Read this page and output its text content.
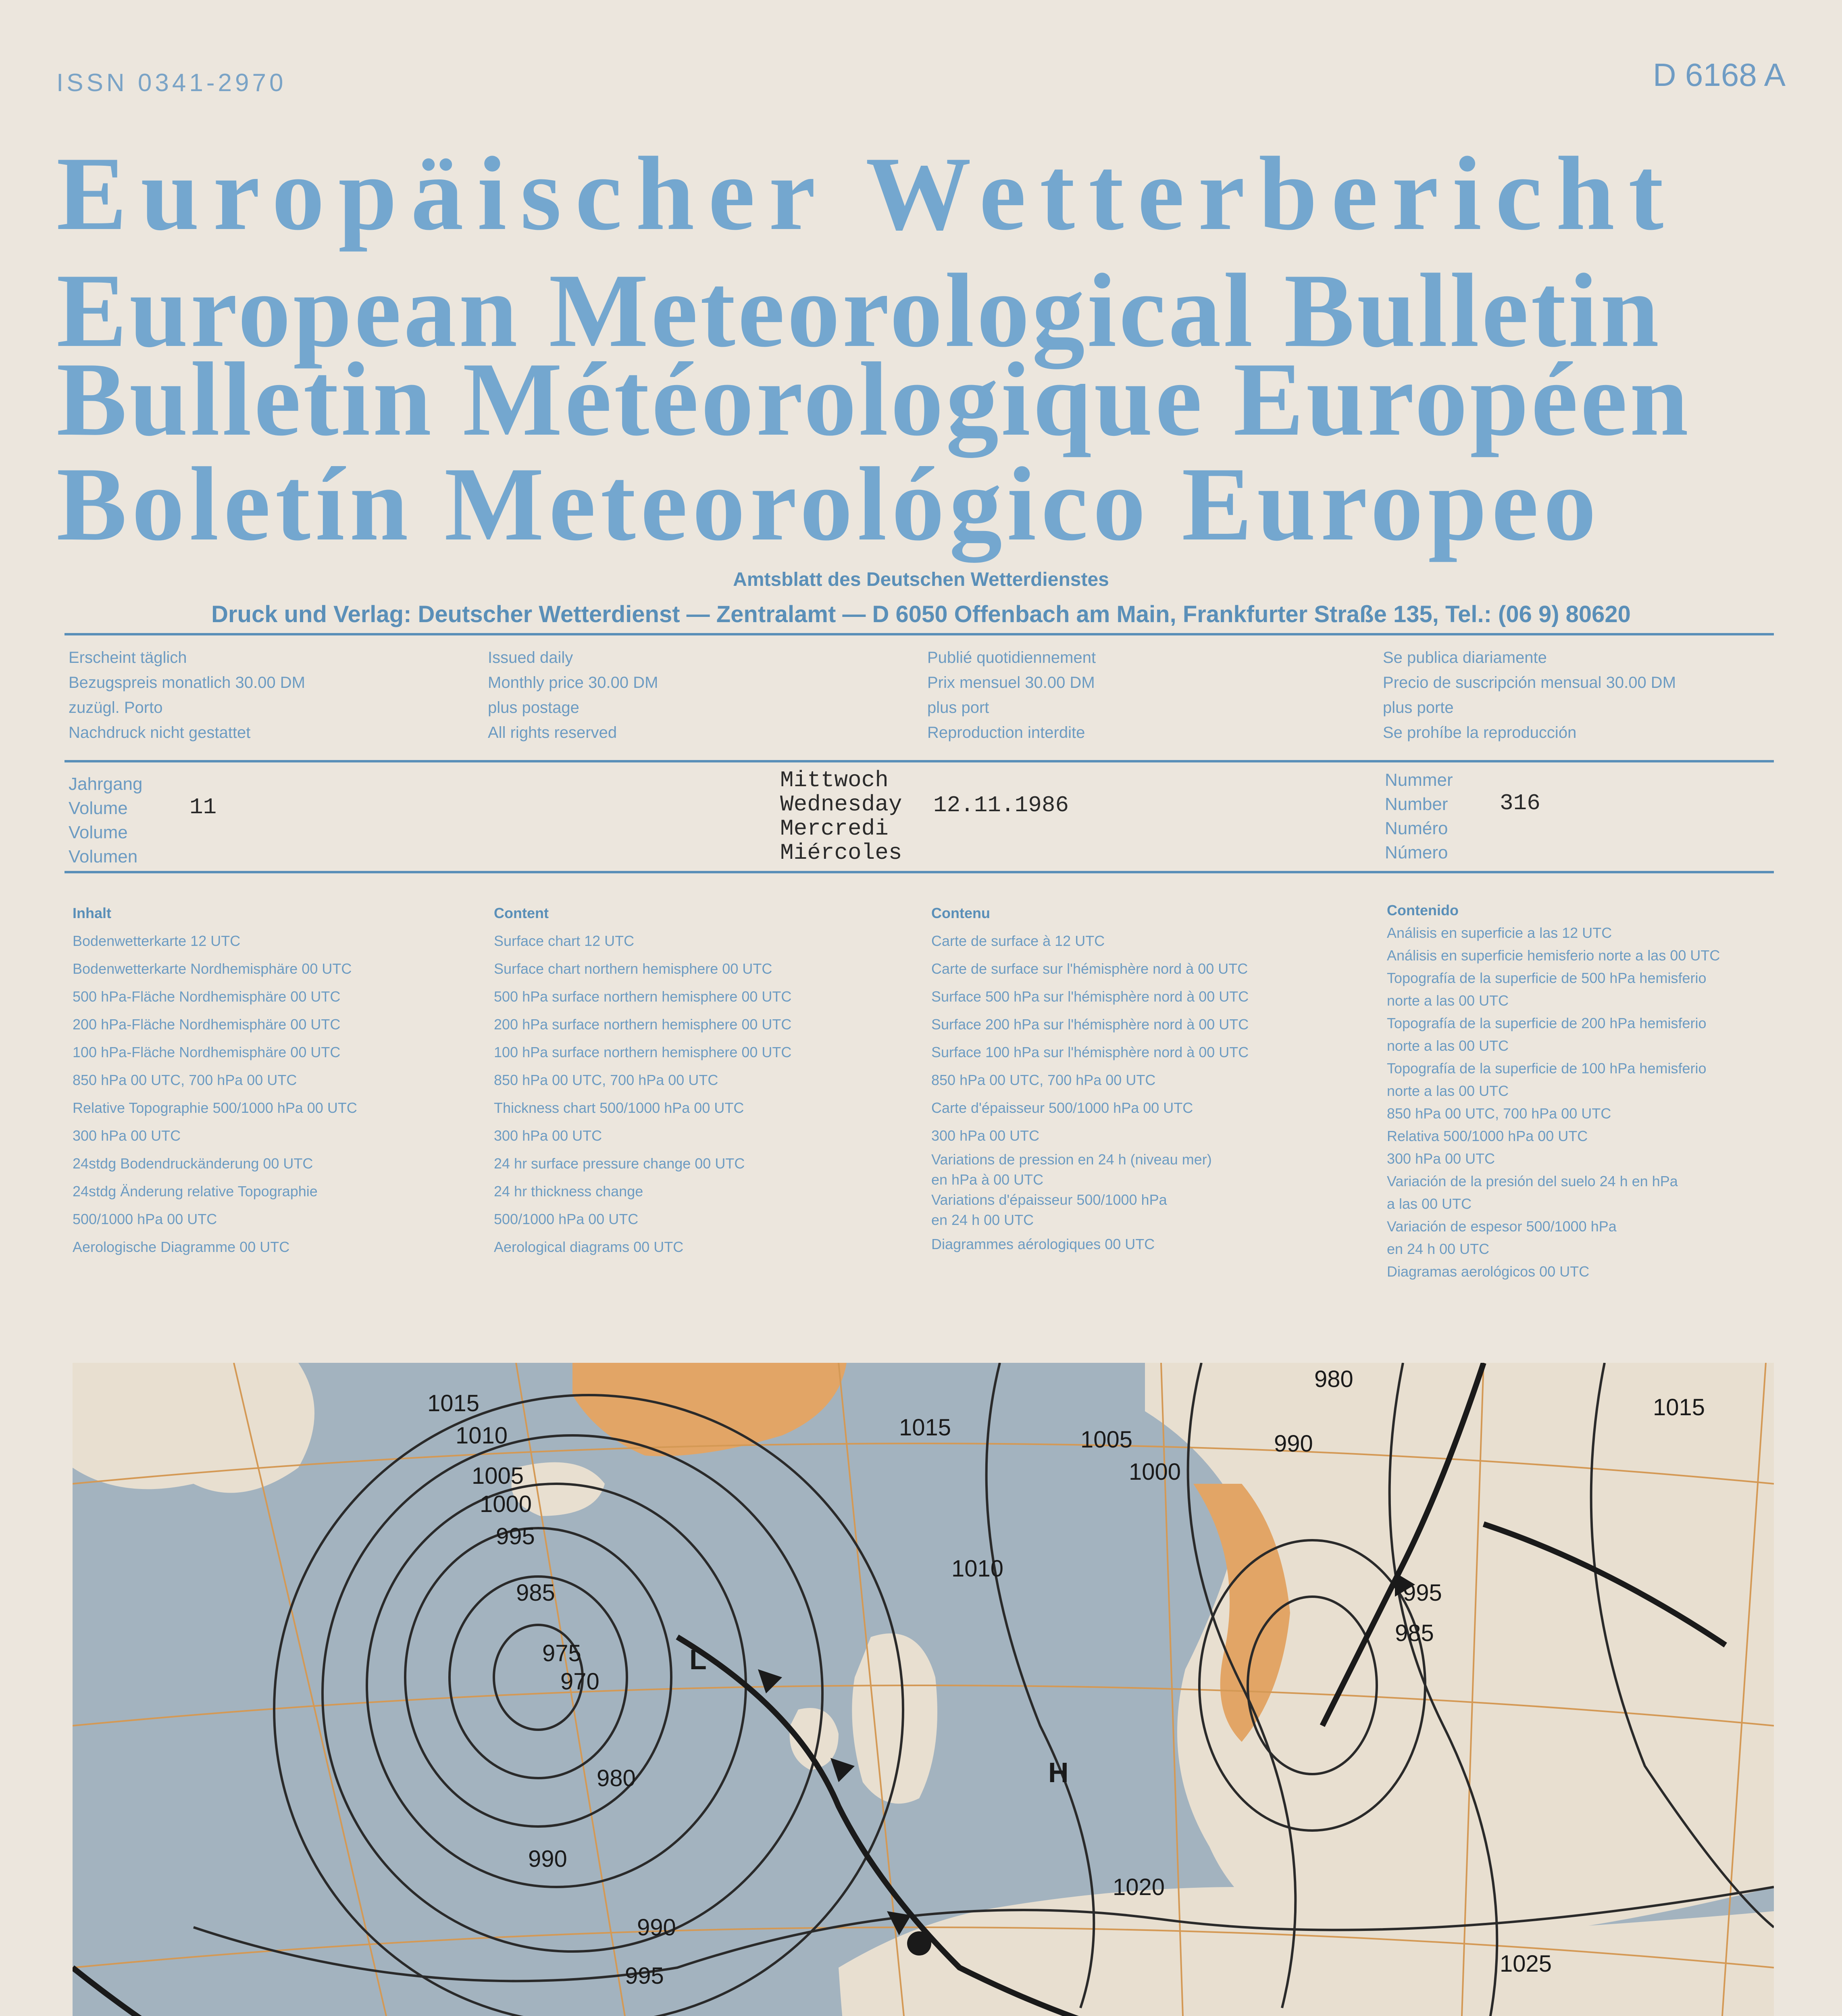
ISSN 0341-2970	D 6168 A
Europäischer Wetterbericht
European Meteorological Bulletin
Bulletin Météorologique Européen
Boletín Meteorológico Europeo
Amtsblatt des Deutschen Wetterdienstes
Druck und Verlag: Deutscher Wetterdienst — Zentralamt — D 6050 Offenbach am Main, Frankfurter Straße 135, Tel.: (06 9) 80620
Erscheint täglich
Bezugspreis monatlich 30.00 DM
zuzügl. Porto
Nachdruck nicht gestattet
Issued daily
Monthly price 30.00 DM
plus postage
All rights reserved
Publié quotidiennement
Prix mensuel 30.00 DM
plus port
Reproduction interdite
Se publica diariamente
Precio de suscripción mensual 30.00 DM
plus porte
Se prohíbe la reproducción
Jahrgang
Volume
Volume
Volumen
11
Mittwoch
Wednesday
Mercredi
Miércoles
12.11.1986
Nummer
Number
Numéro
Número
316
Inhalt
Bodenwetterkarte 12 UTC
Bodenwetterkarte Nordhemisphäre 00 UTC
500 hPa-Fläche Nordhemisphäre 00 UTC
200 hPa-Fläche Nordhemisphäre 00 UTC
100 hPa-Fläche Nordhemisphäre 00 UTC
850 hPa 00 UTC, 700 hPa 00 UTC
Relative Topographie 500/1000 hPa 00 UTC
300 hPa 00 UTC
24stdg Bodendruckänderung 00 UTC
24stdg Änderung relative Topographie
500/1000 hPa 00 UTC
Aerologische Diagramme 00 UTC
Content
Surface chart 12 UTC
Surface chart northern hemisphere 00 UTC
500 hPa surface northern hemisphere 00 UTC
200 hPa surface northern hemisphere 00 UTC
100 hPa surface northern hemisphere 00 UTC
850 hPa 00 UTC, 700 hPa 00 UTC
Thickness chart 500/1000 hPa 00 UTC
300 hPa 00 UTC
24 hr surface pressure change 00 UTC
24 hr thickness change
500/1000 hPa 00 UTC
Aerological diagrams 00 UTC
Contenu
Carte de surface à 12 UTC
Carte de surface sur l'hémisphère nord à 00 UTC
Surface 500 hPa sur l'hémisphère nord à 00 UTC
Surface 200 hPa sur l'hémisphère nord à 00 UTC
Surface 100 hPa sur l'hémisphère nord à 00 UTC
850 hPa 00 UTC, 700 hPa 00 UTC
Carte d'épaisseur 500/1000 hPa 00 UTC
300 hPa 00 UTC
Variations de pression en 24 h (niveau mer)
en hPa à 00 UTC
Variations d'épaisseur 500/1000 hPa
en 24 h 00 UTC
Diagrammes aérologiques 00 UTC
Contenido
Análisis en superficie a las 12 UTC
Análisis en superficie hemisferio norte a las 00 UTC
Topografía de la superficie de 500 hPa hemisferio
norte a las 00 UTC
Topografía de la superficie de 200 hPa hemisferio
norte a las 00 UTC
Topografía de la superficie de 100 hPa hemisferio
norte a las 00 UTC
850 hPa 00 UTC, 700 hPa 00 UTC
Relativa 500/1000 hPa 00 UTC
300 hPa 00 UTC
Variación de la presión del suelo 24 h en hPa
a las 00 UTC
Variación de espesor 500/1000 hPa
en 24 h 00 UTC
Diagramas aerológicos 00 UTC
1015
1010
1005
1000
995
990
985
980
975
970
1015	1005
1000
995
990
985
980
1015
1010
990
995
1020
1025
L
H
